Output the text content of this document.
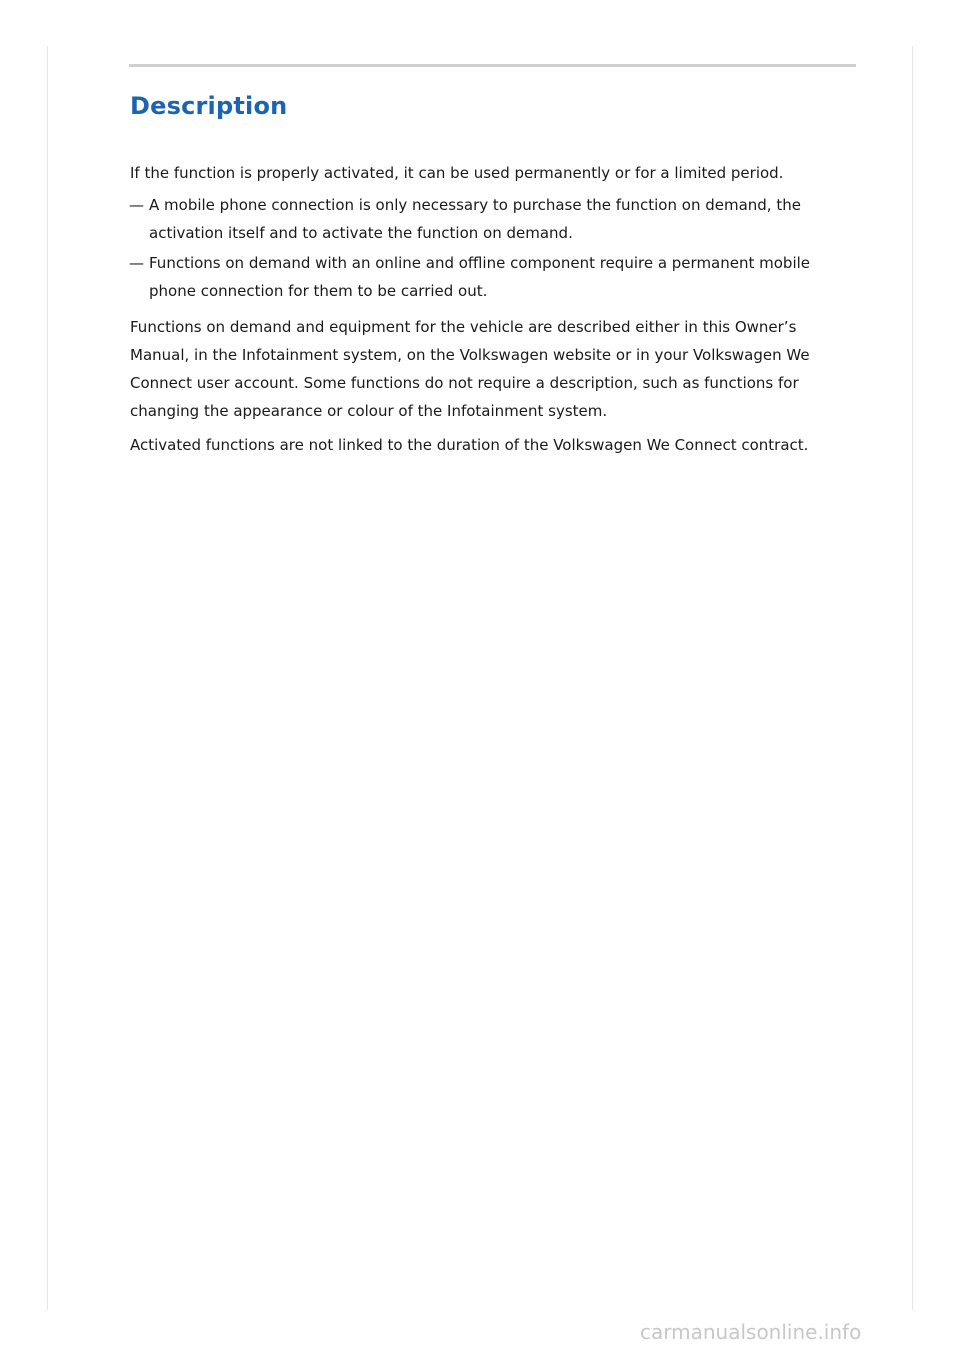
Description

If the function is properly activated, it can be used permanently or for a limited period.

— A mobile phone connection is only necessary to purchase the function on demand, the activation itself and to activate the function on demand.
— Functions on demand with an online and offline component require a permanent mobile phone connection for them to be carried out.

Functions on demand and equipment for the vehicle are described either in this Owner’s Manual, in the Infotainment system, on the Volkswagen website or in your Volkswagen We Connect user account. Some functions do not require a description, such as functions for changing the appearance or colour of the Infotainment system.

Activated functions are not linked to the duration of the Volkswagen We Connect contract.

carmanualsonline.info
